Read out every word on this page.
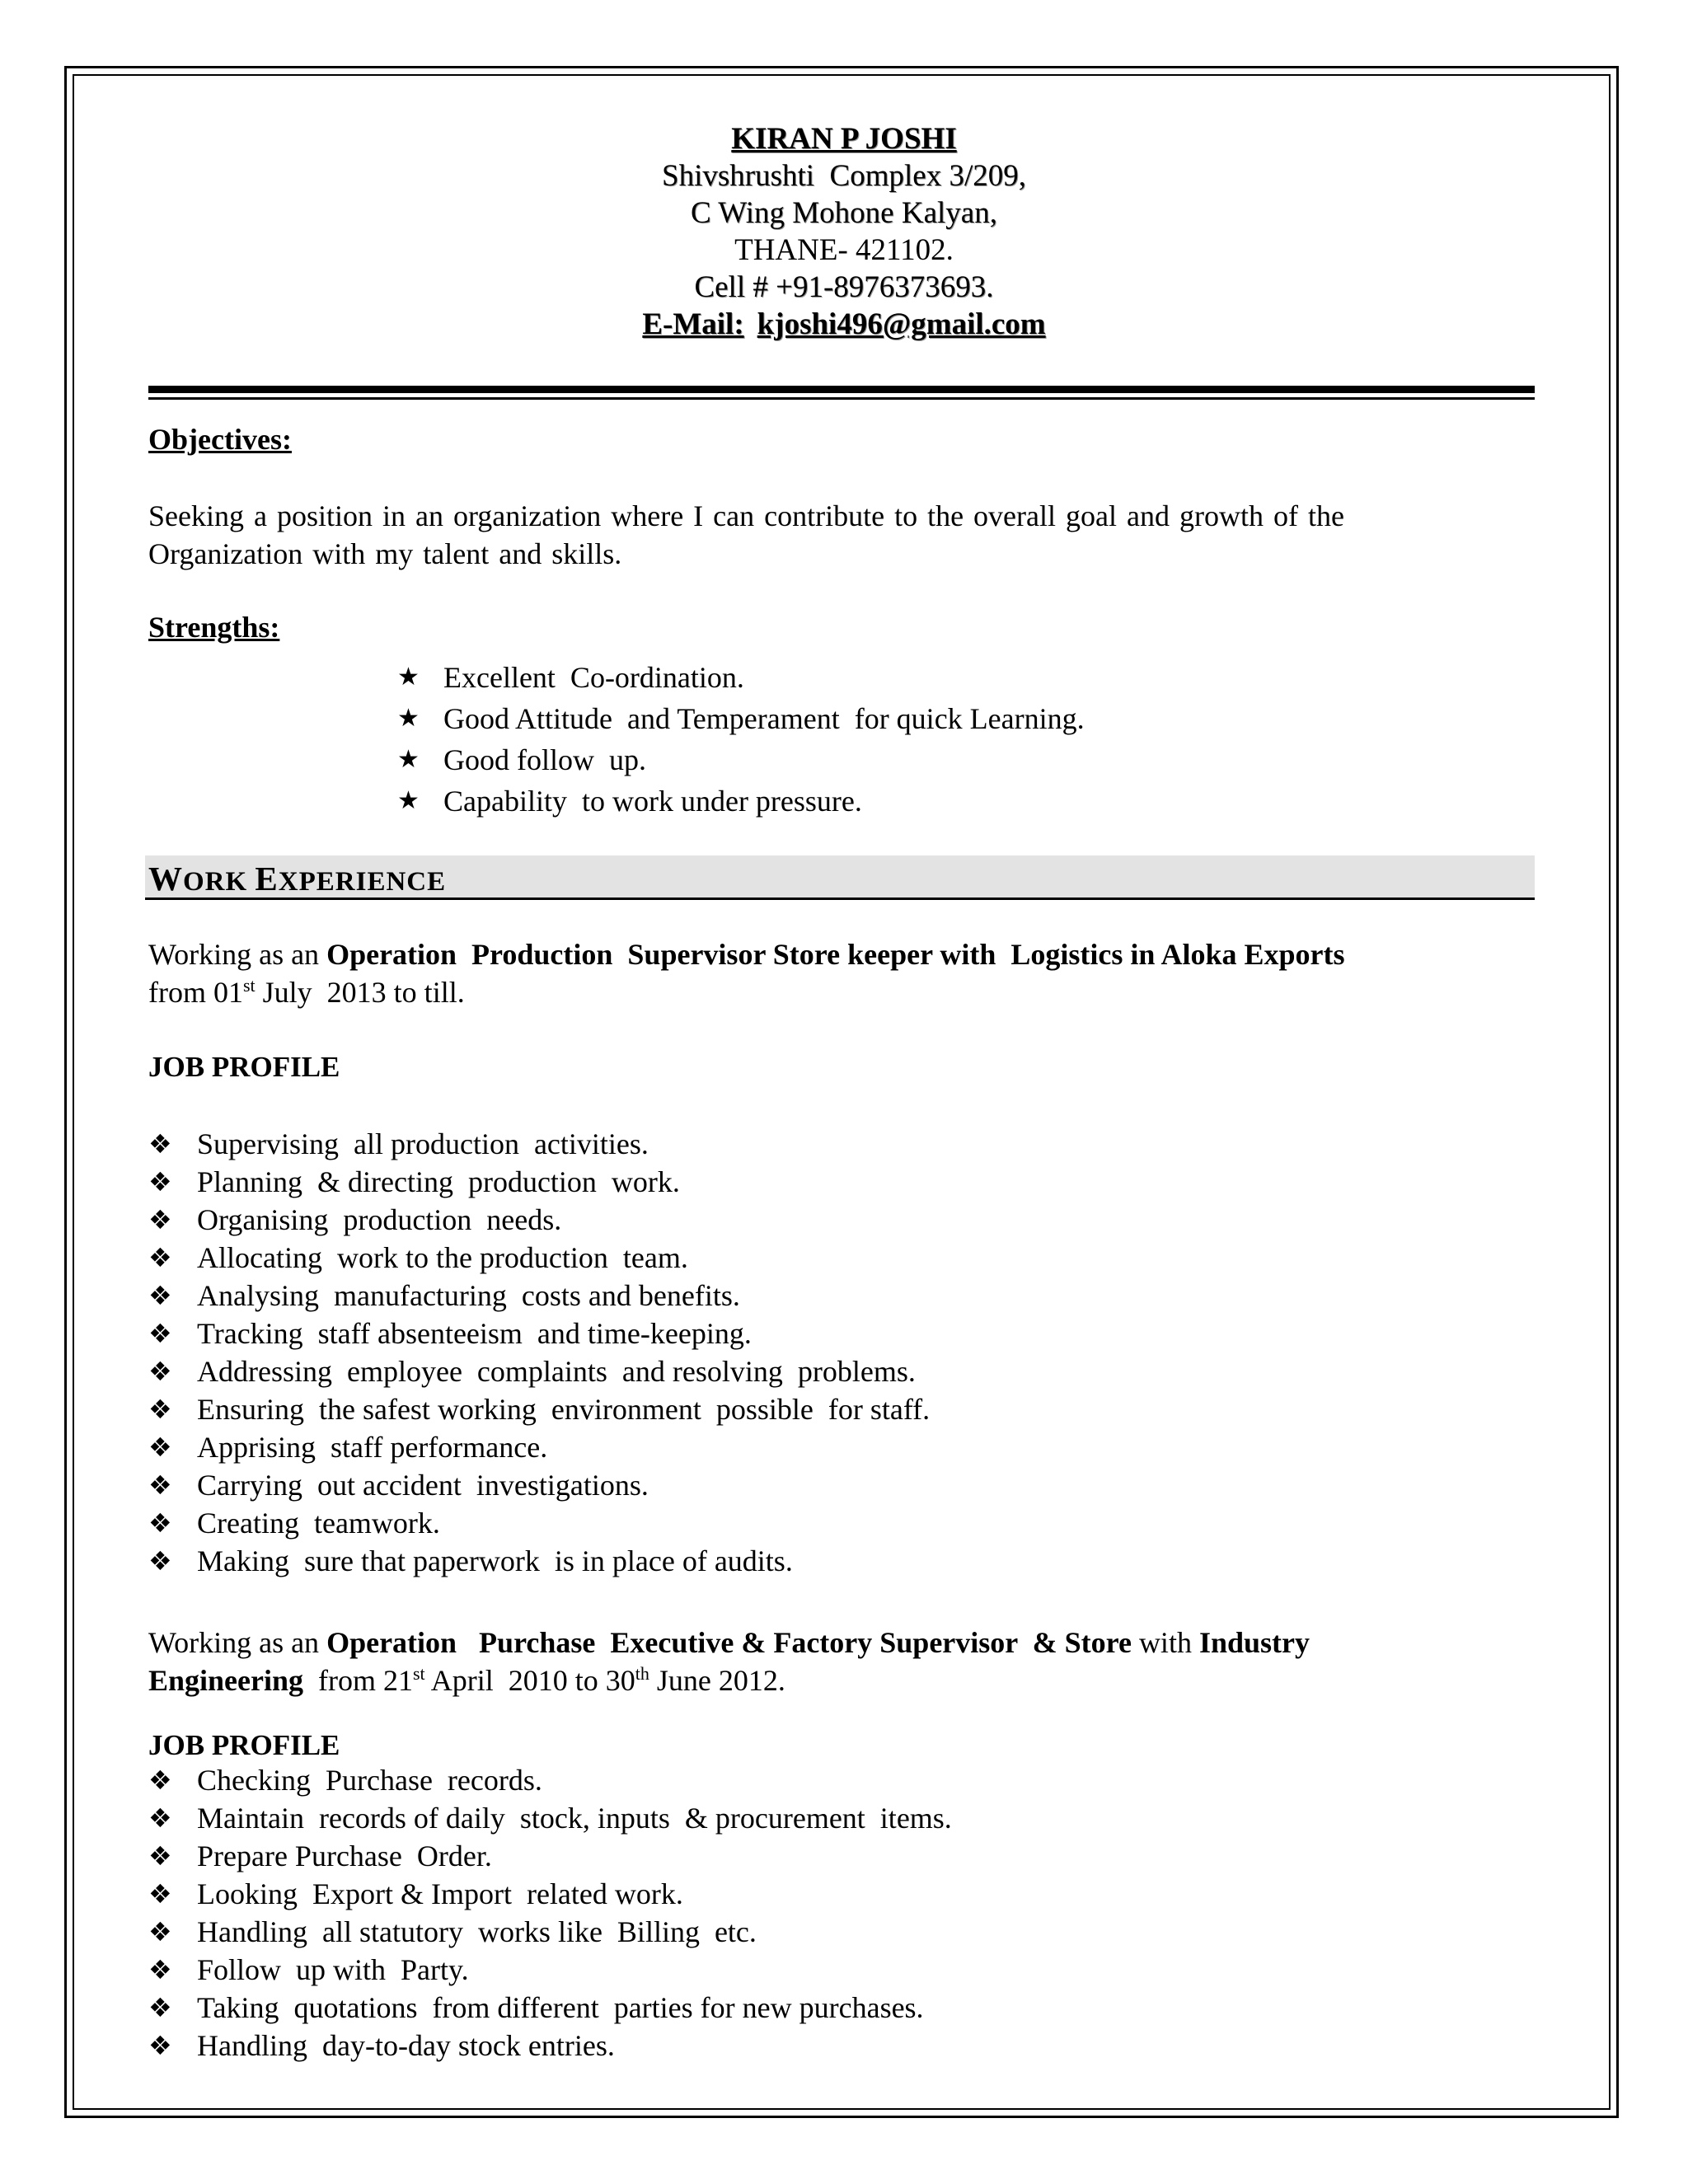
KIRAN P JOSHI
Shivshrushti  Complex 3/209,
C Wing Mohone Kalyan,
THANE- 421102.
Cell # +91-8976373693.
E-Mail: kjoshi496@gmail.com
Objectives:
Seeking a position in an organization where I can contribute to the overall goal and growth of the Organization with my talent and skills.
Strengths:
★ Excellent  Co-ordination.
★ Good Attitude  and Temperament  for quick Learning.
★ Good follow  up.
★ Capability  to work under pressure.
WORK EXPERIENCE
Working as an Operation  Production  Supervisor Store keeper with  Logistics in Aloka Exports
from 01st July  2013 to till.
JOB PROFILE
❖ Supervising  all production  activities.
❖ Planning  & directing  production  work.
❖ Organising  production  needs.
❖ Allocating  work to the production  team.
❖ Analysing  manufacturing  costs and benefits.
❖ Tracking  staff absenteeism  and time-keeping.
❖ Addressing  employee  complaints  and resolving  problems.
❖ Ensuring  the safest working  environment  possible  for staff.
❖ Apprising  staff performance.
❖ Carrying  out accident  investigations.
❖ Creating  teamwork.
❖ Making  sure that paperwork  is in place of audits.
Working as an Operation   Purchase  Executive & Factory Supervisor  & Store with Industry
Engineering  from 21st April  2010 to 30th June 2012.
JOB PROFILE
❖ Checking  Purchase  records.
❖ Maintain  records of daily  stock, inputs  & procurement  items.
❖ Prepare Purchase  Order.
❖ Looking  Export & Import  related work.
❖ Handling  all statutory  works like  Billing  etc.
❖ Follow  up with  Party.
❖ Taking  quotations  from different  parties for new purchases.
❖ Handling  day-to-day stock entries.
